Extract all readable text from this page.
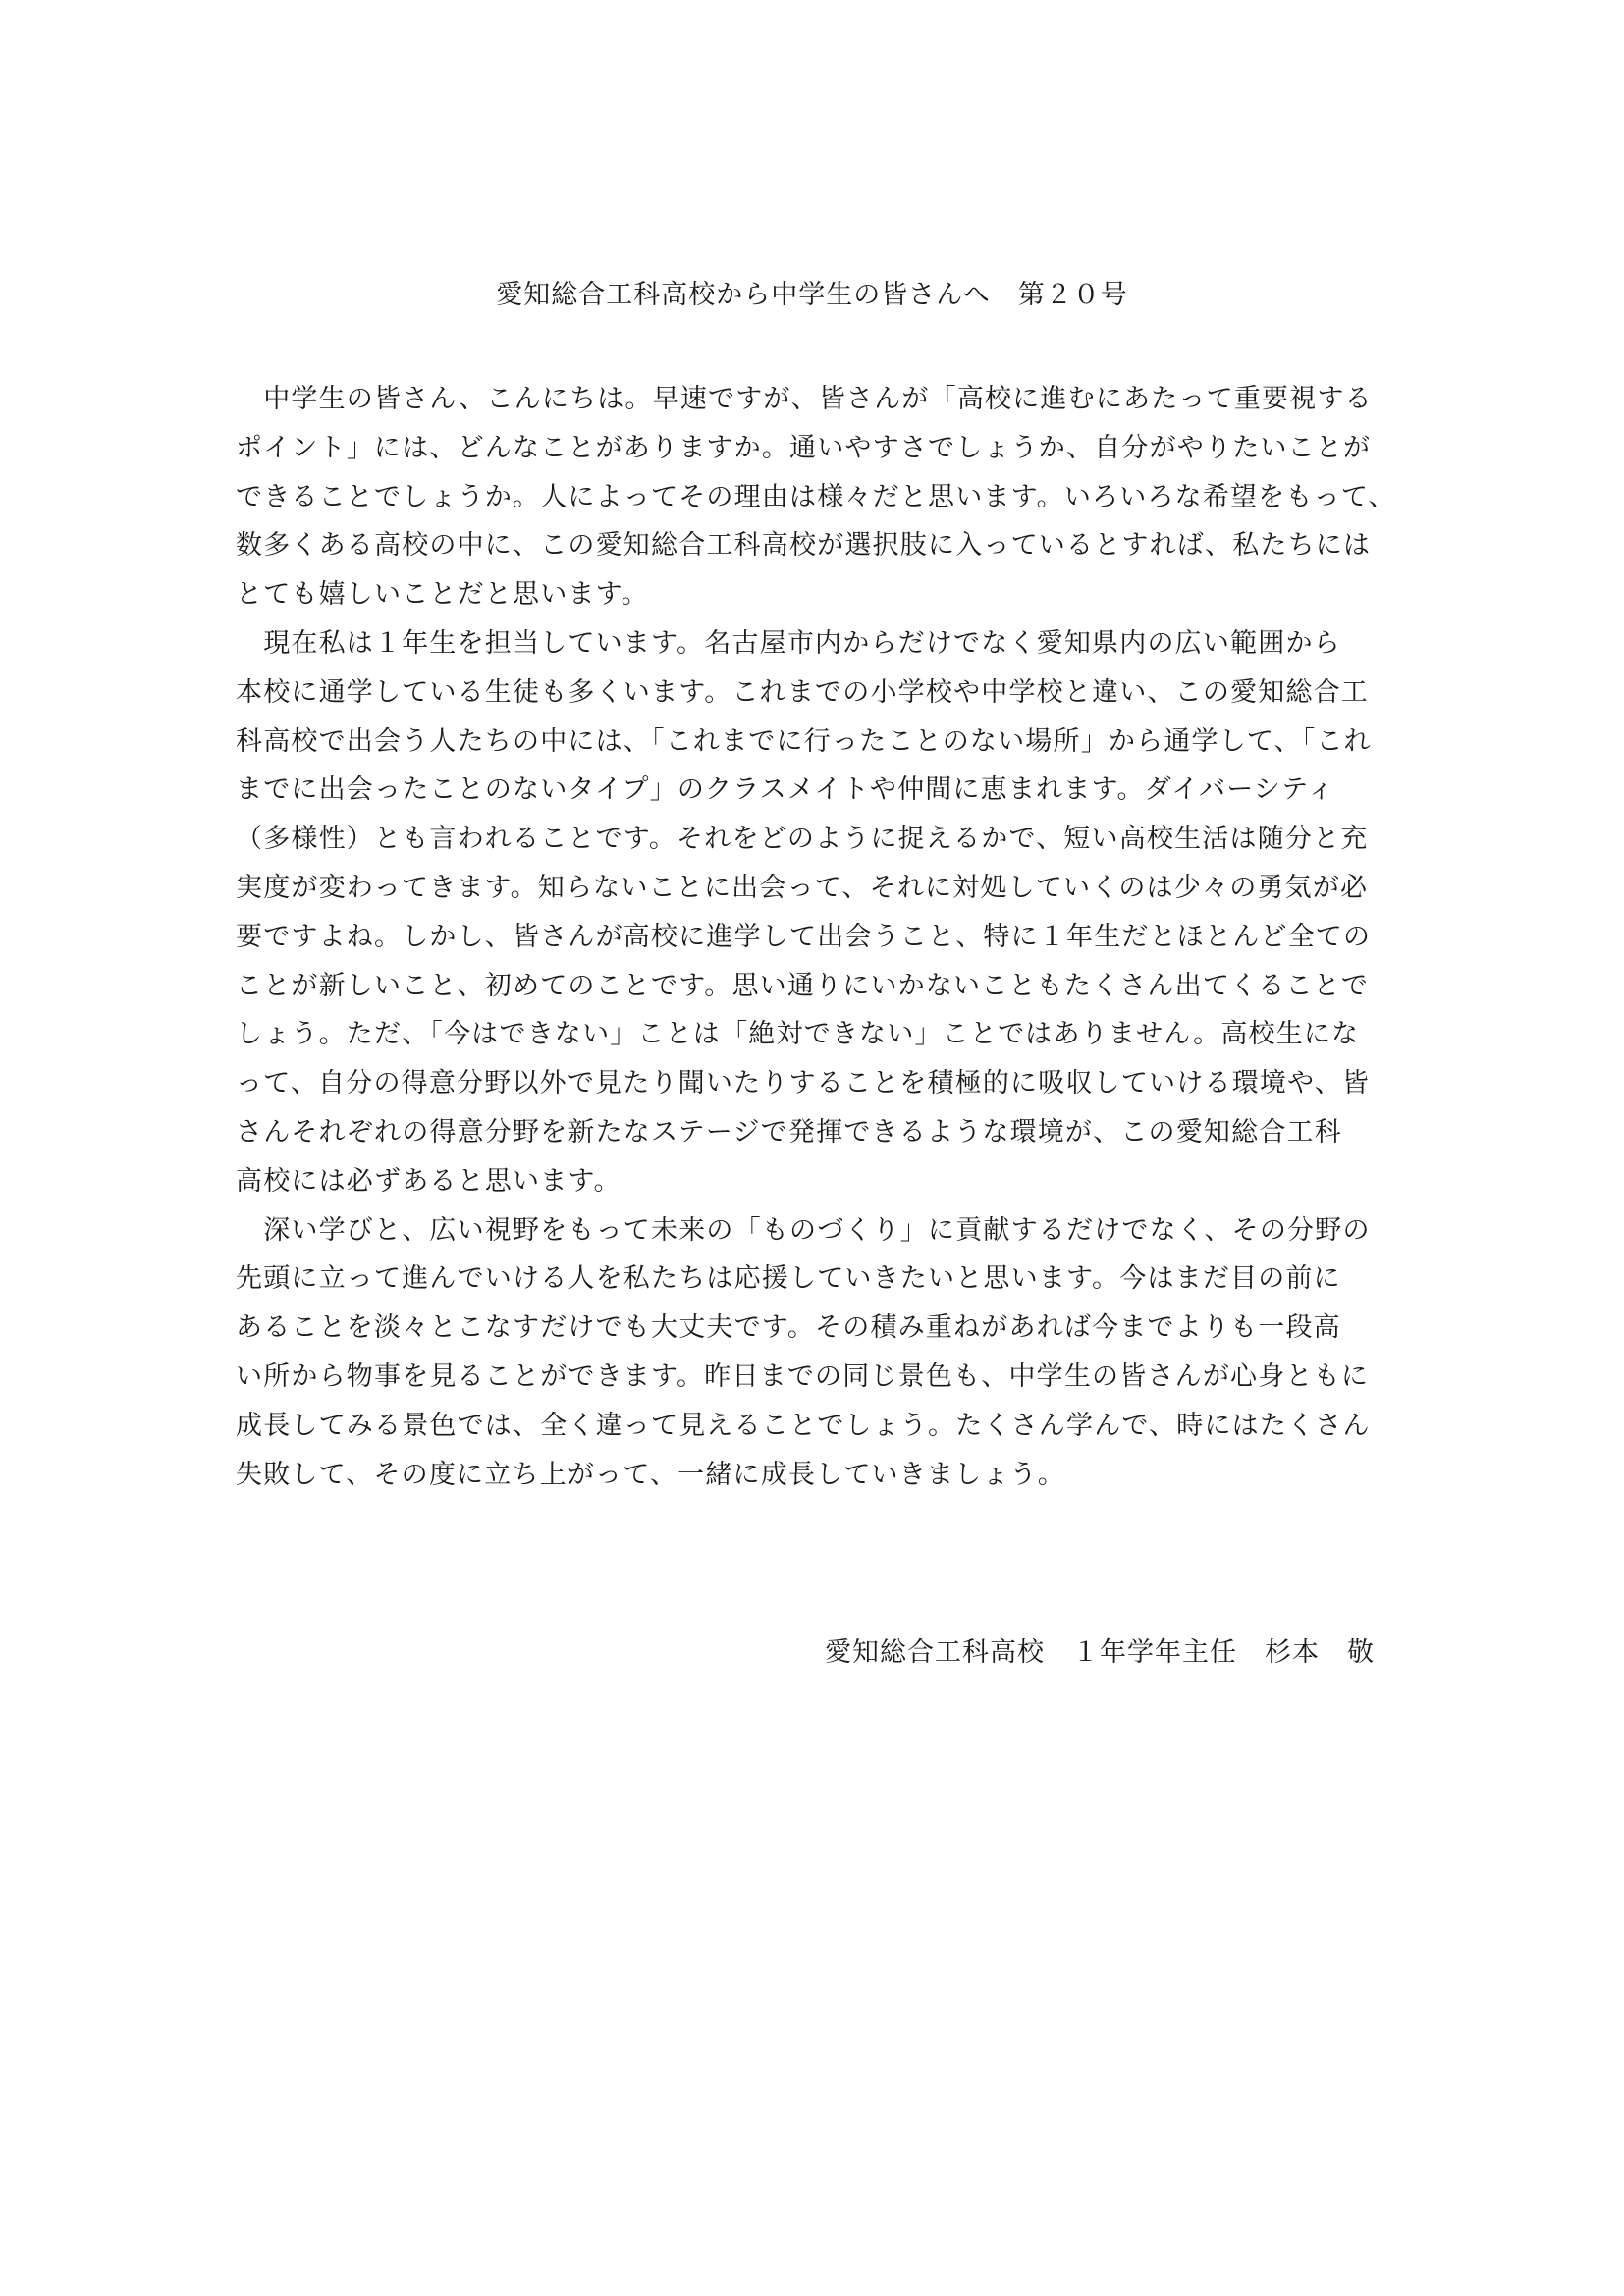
愛知総合工科高校から中学生の皆さんへ　第２０号
　中学生の皆さん、こんにちは。早速ですが、皆さんが「高校に進むにあたって重要視する
ポイント」には、どんなことがありますか。通いやすさでしょうか、自分がやりたいことが
できることでしょうか。人によってその理由は様々だと思います。いろいろな希望をもって、
数多くある高校の中に、この愛知総合工科高校が選択肢に入っているとすれば、私たちには
とても嬉しいことだと思います。
　現在私は１年生を担当しています。名古屋市内からだけでなく愛知県内の広い範囲から
本校に通学している生徒も多くいます。これまでの小学校や中学校と違い、この愛知総合工
科高校で出会う人たちの中には、「これまでに行ったことのない場所」から通学して、「これ
までに出会ったことのないタイプ」のクラスメイトや仲間に恵まれます。ダイバーシティ
（多様性）とも言われることです。それをどのように捉えるかで、短い高校生活は随分と充
実度が変わってきます。知らないことに出会って、それに対処していくのは少々の勇気が必
要ですよね。しかし、皆さんが高校に進学して出会うこと、特に１年生だとほとんど全ての
ことが新しいこと、初めてのことです。思い通りにいかないこともたくさん出てくることで
しょう。ただ、「今はできない」ことは「絶対できない」ことではありません。高校生にな
って、自分の得意分野以外で見たり聞いたりすることを積極的に吸収していける環境や、皆
さんそれぞれの得意分野を新たなステージで発揮できるような環境が、この愛知総合工科
高校には必ずあると思います。
　深い学びと、広い視野をもって未来の「ものづくり」に貢献するだけでなく、その分野の
先頭に立って進んでいける人を私たちは応援していきたいと思います。今はまだ目の前に
あることを淡々とこなすだけでも大丈夫です。その積み重ねがあれば今までよりも一段高
い所から物事を見ることができます。昨日までの同じ景色も、中学生の皆さんが心身ともに
成長してみる景色では、全く違って見えることでしょう。たくさん学んで、時にはたくさん
失敗して、その度に立ち上がって、一緒に成長していきましょう。
愛知総合工科高校　１年学年主任　杉本　敬
